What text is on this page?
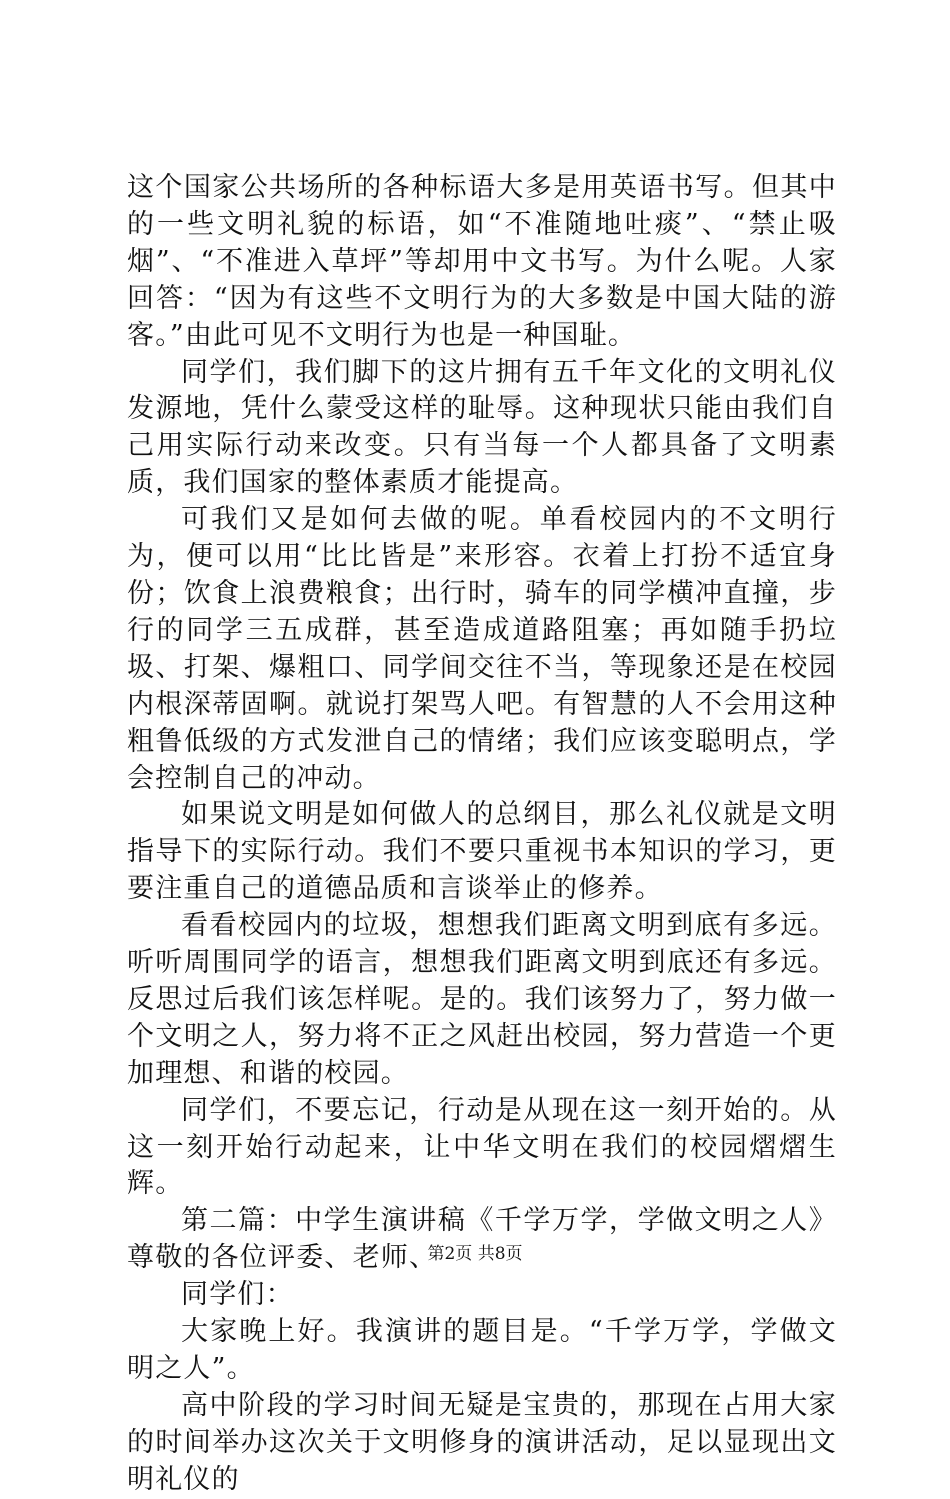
这个国家公共场所的各种标语大多是用英语书写。但其中的一些文明礼貌的标语，如“不准随地吐痰”、“禁止吸烟”、“不准进入草坪”等却用中文书写。为什么呢。人家回答：“因为有这些不文明行为的大多数是中国大陆的游客。”由此可见不文明行为也是一种国耻。

同学们，我们脚下的这片拥有五千年文化的文明礼仪发源地，凭什么蒙受这样的耻辱。这种现状只能由我们自己用实际行动来改变。只有当每一个人都具备了文明素质，我们国家的整体素质才能提高。

可我们又是如何去做的呢。单看校园内的不文明行为，便可以用“比比皆是”来形容。衣着上打扮不适宜身份；饮食上浪费粮食；出行时，骑车的同学横冲直撞，步行的同学三五成群，甚至造成道路阻塞；再如随手扔垃圾、打架、爆粗口、同学间交往不当，等现象还是在校园内根深蒂固啊。就说打架骂人吧。有智慧的人不会用这种粗鲁低级的方式发泄自己的情绪；我们应该变聪明点，学会控制自己的冲动。

如果说文明是如何做人的总纲目，那么礼仪就是文明指导下的实际行动。我们不要只重视书本知识的学习，更要注重自己的道德品质和言谈举止的修养。

看看校园内的垃圾，想想我们距离文明到底有多远。听听周围同学的语言，想想我们距离文明到底还有多远。反思过后我们该怎样呢。是的。我们该努力了，努力做一个文明之人，努力将不正之风赶出校园，努力营造一个更加理想、和谐的校园。

同学们，不要忘记，行动是从现在这一刻开始的。从这一刻开始行动起来，让中华文明在我们的校园熠熠生辉。

第二篇：中学生演讲稿《千学万学，学做文明之人》尊敬的各位评委、老师、

同学们：

大家晚上好。我演讲的题目是。“千学万学，学做文明之人”。

高中阶段的学习时间无疑是宝贵的，那现在占用大家的时间举办这次关于文明修身的演讲活动，足以显现出文明礼仪的

第2页 共8页
